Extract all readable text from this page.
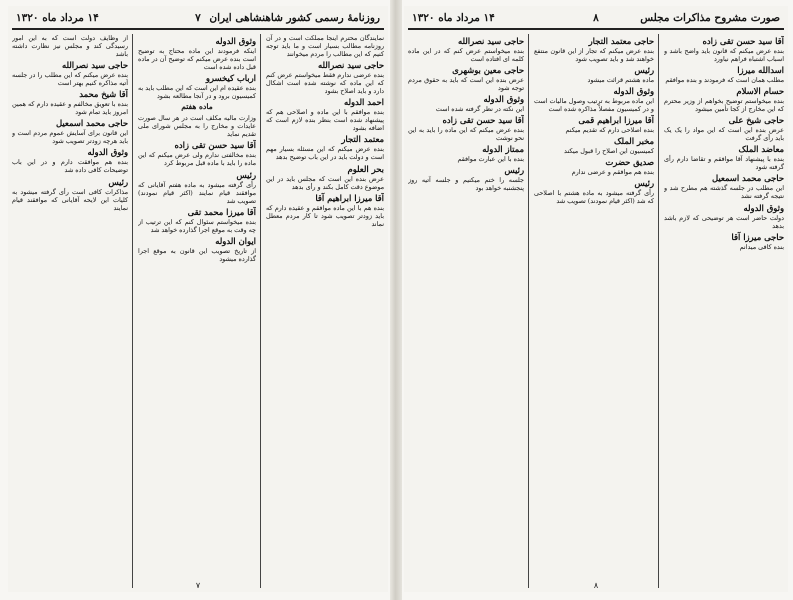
روزنامهٔ رسمی کشور شاهنشاهی ایران
۷
۱۴ مرداد ماه ۱۳۲۰
نمایندگان محترم اینجا مملکت است و در آن روزنامه مطالب بسیار است و ما باید توجه کنیم که این مطالب را مردم میخوانند
حاجی سید نصرالله
بنده عرضی ندارم فقط میخواستم عرض کنم که این ماده که نوشته شده است اشکال دارد و باید اصلاح بشود
احمد الدوله
بنده موافقم با این ماده و اصلاحی هم که پیشنهاد شده است بنظر بنده لازم است که اضافه بشود
معتمد التجار
بنده عرض میکنم که این مسئله بسیار مهم است و دولت باید در این باب توضیح بدهد
بحر العلوم
عرض بنده این است که مجلس باید در این موضوع دقت کامل بکند و رأی بدهد
آقا میرزا ابراهیم آقا
بنده هم با این ماده موافقم و عقیده دارم که باید زودتر تصویب شود تا کار مردم معطل نماند
وثوق الدوله
اینکه فرمودند این ماده محتاج به توضیح است بنده عرض میکنم که توضیح آن در ماده قبل داده شده است
ارباب کیخسرو
بنده عقیده ام این است که این مطلب باید به کمیسیون برود و در آنجا مطالعه بشود
ماده هفتم
وزارت مالیه مکلف است در هر سال صورت عایدات و مخارج را به مجلس شورای ملی تقدیم نماید
آقا سید حسن تقی زاده
بنده مخالفتی ندارم ولی عرض میکنم که این ماده را باید با ماده قبل مربوط کرد
رئیس
رأی گرفته میشود به ماده هفتم آقایانی که موافقند قیام نمایند (اکثر قیام نمودند) تصویب شد
آقا میرزا محمد تقی
بنده میخواستم سئوال کنم که این ترتیب از چه وقت به موقع اجرا گذارده خواهد شد
ایوان الدوله
از تاریخ تصویب این قانون به موقع اجرا گذارده میشود
از وظایف دولت است که به این امور رسیدگی کند و مجلس نیز نظارت داشته باشد
حاجی سید نصرالله
بنده عرض میکنم که این مطلب را در جلسه آتیه مذاکره کنیم بهتر است
آقا شیخ محمد
بنده با تعویق مخالفم و عقیده دارم که همین امروز باید تمام شود
حاجی محمد اسمعیل
این قانون برای آسایش عموم مردم است و باید هرچه زودتر تصویب شود
وثوق الدوله
بنده هم موافقت دارم و در این باب توضیحات کافی داده شد
رئیس
مذاکرات کافی است رأی گرفته میشود به کلیات این لایحه آقایانی که موافقند قیام نمایند
۷
صورت مشروح مذاکرات مجلس
۸
۱۴ مرداد ماه ۱۳۲۰
آقا سید حسن تقی زاده
بنده عرض میکنم که قانون باید واضح باشد و اسباب اشتباه فراهم نیاورد
اسدالله میرزا
مطلب همان است که فرمودند و بنده موافقم
حسام الاسلام
بنده میخواستم توضیح بخواهم از وزیر محترم که این مخارج از کجا تأمین میشود
حاجی شیخ علی
عرض بنده این است که این مواد را یک یک باید رأی گرفت
معاضد الملک
بنده با پیشنهاد آقا موافقم و تقاضا دارم رأی گرفته شود
حاجی محمد اسمعیل
این مطلب در جلسه گذشته هم مطرح شد و نتیجه گرفته نشد
وثوق الدوله
دولت حاضر است هر توضیحی که لازم باشد بدهد
حاجی میرزا آقا
بنده کافی میدانم
حاجی معتمد التجار
بنده عرض میکنم که تجار از این قانون منتفع خواهند شد و باید تصویب شود
رئیس
ماده هشتم قرائت میشود
وثوق الدوله
این ماده مربوط به ترتیب وصول مالیات است و در کمیسیون مفصلاً مذاکره شده است
آقا میرزا ابراهیم قمی
بنده اصلاحی دارم که تقدیم میکنم
مخبر الملک
کمیسیون این اصلاح را قبول میکند
صدیق حضرت
بنده هم موافقم و عرضی ندارم
رئیس
رأی گرفته میشود به ماده هشتم با اصلاحی که شد (اکثر قیام نمودند) تصویب شد
حاجی سید نصرالله
بنده میخواستم عرض کنم که در این ماده کلمه ای افتاده است
حاجی معین بوشهری
عرض بنده این است که باید به حقوق مردم توجه شود
وثوق الدوله
این نکته در نظر گرفته شده است
آقا سید حسن تقی زاده
بنده عرض میکنم که این ماده را باید به این نحو نوشت
ممتاز الدوله
بنده با این عبارت موافقم
رئیس
جلسه را ختم میکنیم و جلسه آتیه روز پنجشنبه خواهد بود
۸
